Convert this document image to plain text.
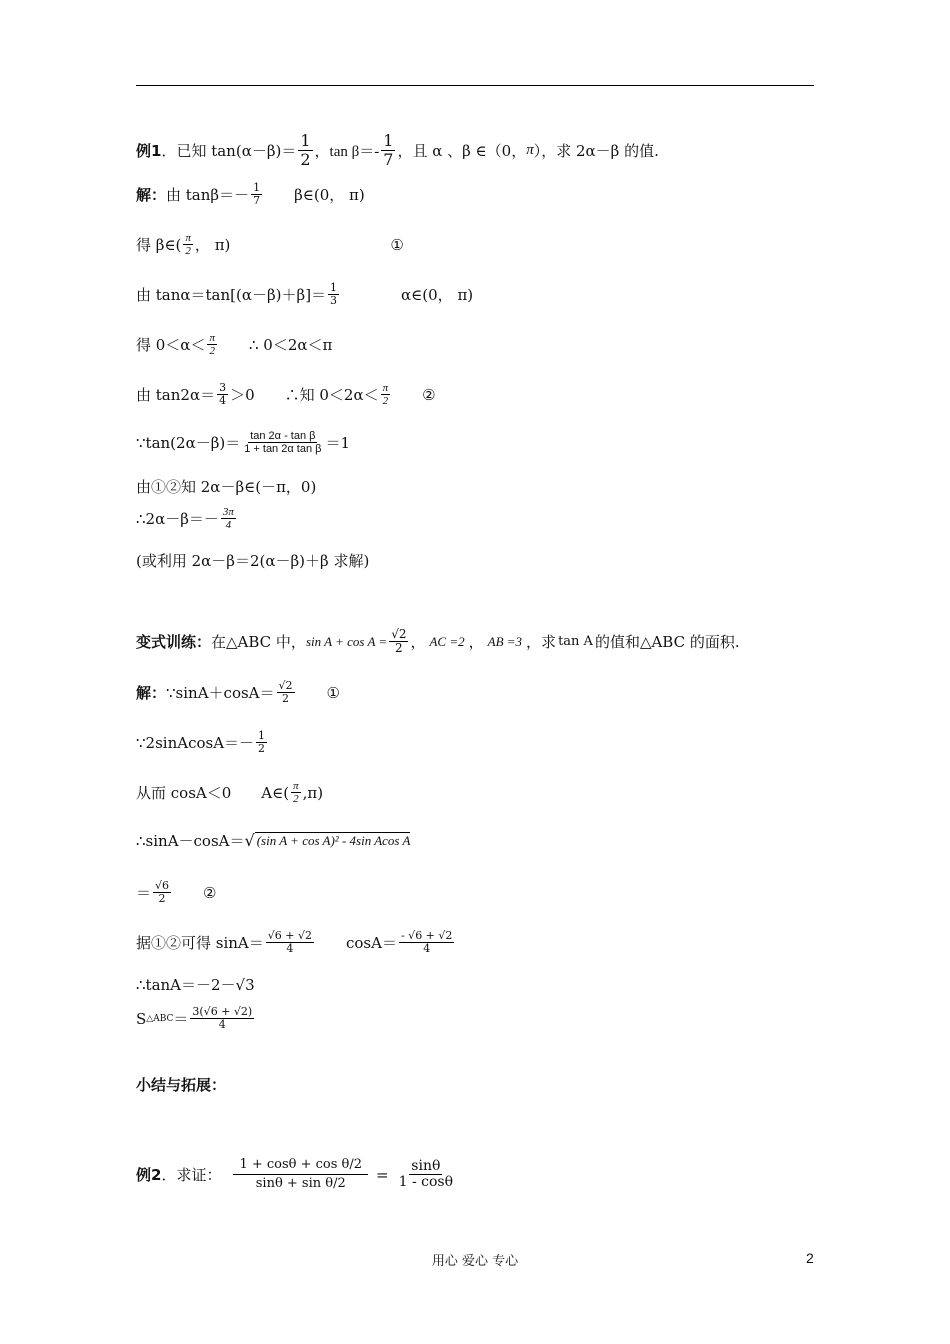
例1 ．已知 $\tan(\alpha-\beta)= \frac{1}{2}$ ， $\tan \beta=- \frac{1}{7}$ ，且 α 、β ∈（0， π ），求 2α－β 的值.
解： 由 $\tan\beta=- \frac{1}{7}$ β∈(0， π)
得 β∈( $\frac{\pi}{2}$ ， π)	①
由 $\tan\alpha=\tan[(\alpha-\beta)+\beta]= \frac{1}{3}$	α∈(0， π)
得 $0<\alpha< \frac{\pi}{2}$ ∴ 0＜2α＜π
由 $\tan 2\alpha= \frac{3}{4} >0$ ∴知 $0<2\alpha< \frac{\pi}{2}$ ②
∵tan(2α－β)＝ $\frac{\text{tan 2α - tan β}}{\text{1 + tan 2α tan β}} =1$
由①②知 2α－β∈(－π，0)
∴2α－β＝－ $\frac{3\pi}{4}$
(或利用 2α－β＝2(α－β)＋β 求解)
变式训练： 在△ABC 中， $\sin A + \cos A = \frac{√2}{2}$ ， AC =2 ， AB =3 ，求 tan A 的值和△ABC 的面积.
解： ∵sinA＋cosA＝ $\frac{√2}{2}$ ①
∵2sinAcosA＝－ $\frac{1}{2}$
从而 cosA＜0 A∈( $\frac{\pi}{2} ,\pi$)
∴sinA－cosA＝ √ (sin A + cos A)² - 4sin Acos A
＝ $\frac{√6}{2}$ ②
据①②可得 $\sin A= \frac{√6 + √2}{4} \cos A= \frac{- √6 + √2}{4}$
∴tanA＝－2－√3
S △ABC ＝ $\frac{3(√6 + √2)}{4}$
小结与拓展：
例2 ．求证： $\frac{\text{1 + cosθ + cos θ/2}}{\text{sinθ + sin θ/2}} = \frac{\sin\theta}{1 - \cos\theta}$
用心 爱心 专心	2
